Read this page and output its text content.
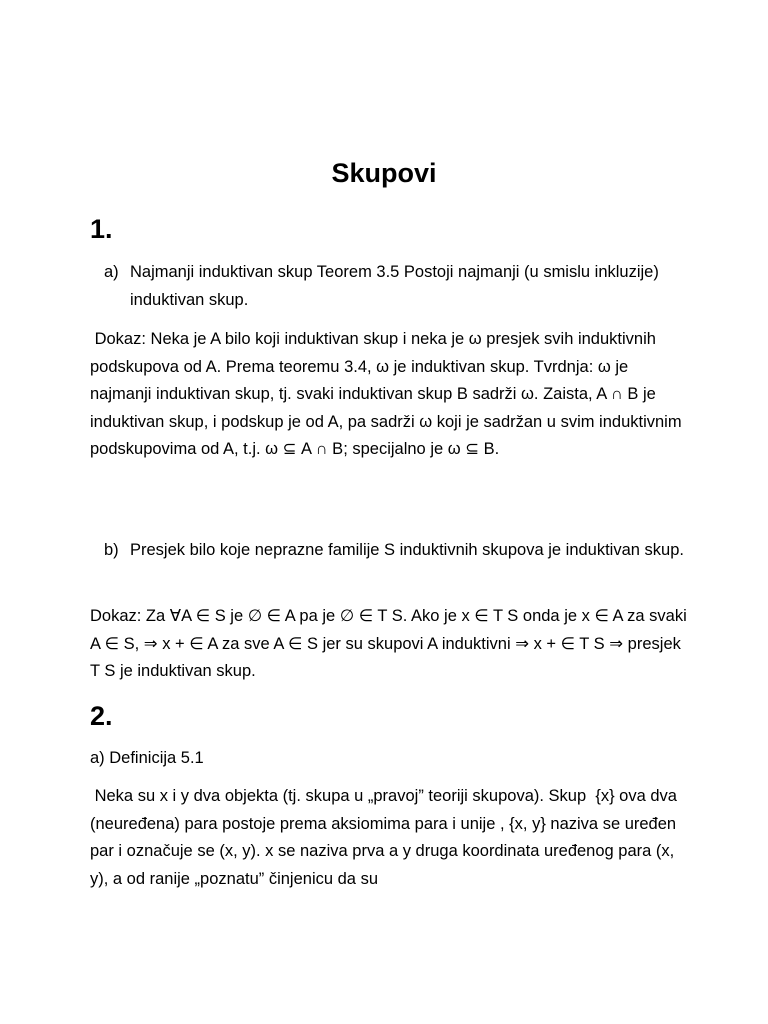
Skupovi
1.
a) Najmanji induktivan skup Teorem 3.5 Postoji najmanji (u smislu inkluzije) induktivan skup.
Dokaz: Neka je A bilo koji induktivan skup i neka je ω presjek svih induktivnih podskupova od A. Prema teoremu 3.4, ω je induktivan skup. Tvrdnja: ω je najmanji induktivan skup, tj. svaki induktivan skup B sadrži ω. Zaista, A ∩ B je induktivan skup, i podskup je od A, pa sadrži ω koji je sadržan u svim induktivnim podskupovima od A, t.j. ω ⊆ A ∩ B; specijalno je ω ⊆ B.
b) Presjek bilo koje neprazne familije S induktivnih skupova je induktivan skup.
Dokaz: Za ∀A ∈ S je ∅ ∈ A pa je ∅ ∈ T S. Ako je x ∈ T S onda je x ∈ A za svaki A ∈ S, ⇒ x + ∈ A za sve A ∈ S jer su skupovi A induktivni ⇒ x + ∈ T S ⇒ presjek T S je induktivan skup.
2.
a) Definicija 5.1
Neka su x i y dva objekta (tj. skupa u „pravoj” teoriji skupova). Skup  {x} ova dva (neuređena) para postoje prema aksiomima para i unije , {x, y} naziva se uređen par i označuje se (x, y). x se naziva prva a y druga koordinata uređenog para (x, y), a od ranije „poznatu” činjenicu da su
